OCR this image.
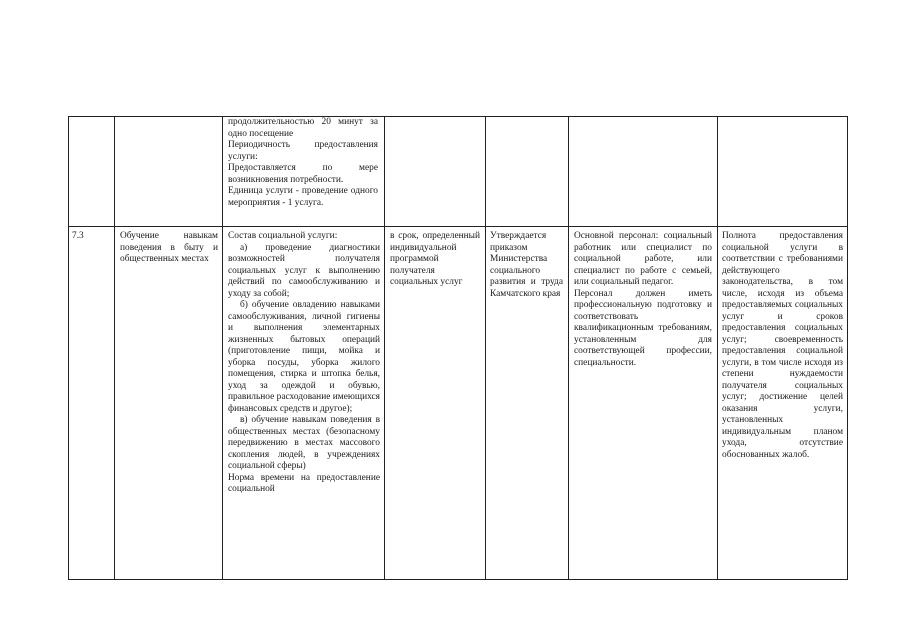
продолжительностью 20 минут за одно посещение

Периодичность предоставления услуги:

Предоставляется по мере возникновения потребности.

Единица услуги - проведение одного мероприятия - 1 услуга.

7.3	Обучение навыкам поведения в быту и общественных местах

Состав социальной услуги:

а) проведение диагностики возможностей получателя социальных услуг к выполнению действий по самообслуживанию и уходу за собой;

б) обучение овладению навыками самообслуживания, личной гигиены и выполнения элементарных жизненных бытовых операций (приготовление пищи, мойка и уборка посуды, уборка жилого помещения, стирка и штопка белья, уход за одеждой и обувью, правильное расходование имеющихся финансовых средств и другое);

в) обучение навыкам поведения в общественных местах (безопасному передвижению в местах массового скопления людей, в учреждениях социальной сферы)

Норма времени на предоставление социальной

в срок, определенный индивидуальной программой получателя социальных услуг
Утверждается приказом Министерства социального развития и труда Камчатского края

Основной персонал: социальный работник или специалист по социальной работе, или специалист по работе с семьей, или социальный педагог.

Персонал должен иметь профессиональную подготовку и соответствовать квалификационным требованиям, установленным для соответствующей профессии, специальности.

Полнота предоставления социальной услуги в соответствии с требованиями действующего законодательства, в том числе, исходя из объема предоставляемых социальных услуг и сроков предоставления социальных услуг; своевременность предоставления социальной услуги, в том числе исходя из степени нуждаемости получателя социальных услуг; достижение целей оказания услуги, установленных индивидуальным планом ухода, отсутствие обоснованных жалоб.
